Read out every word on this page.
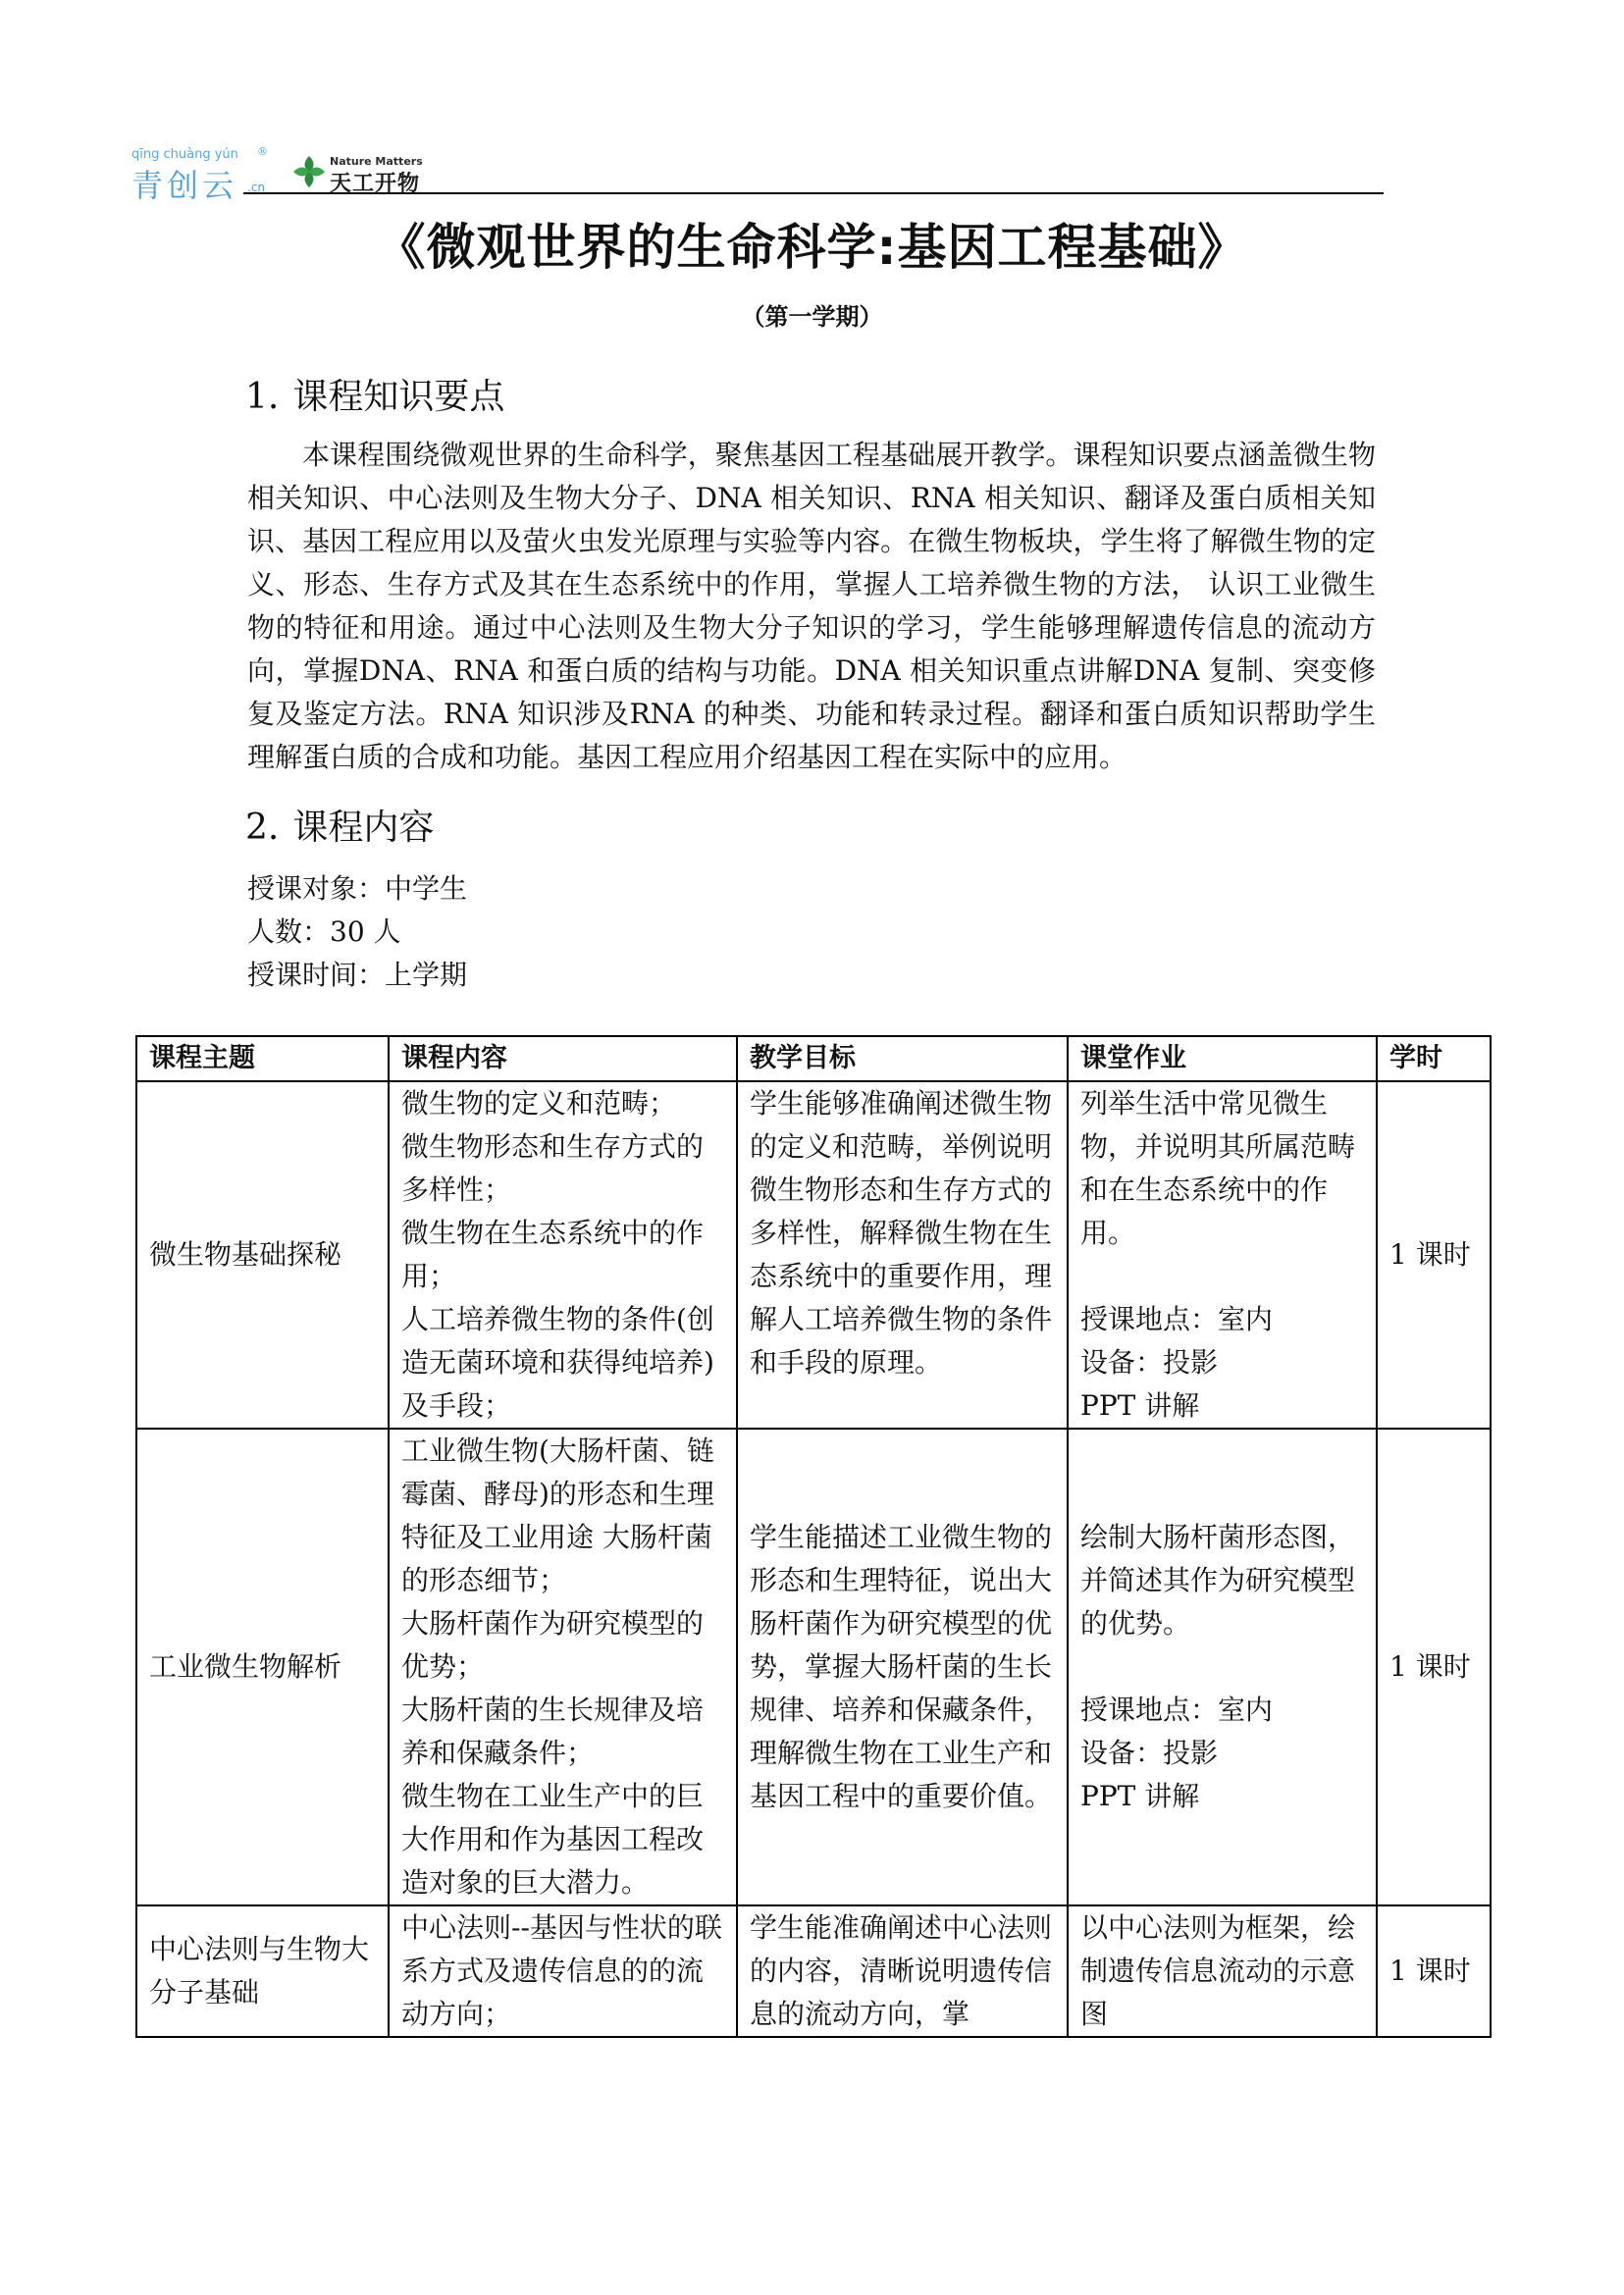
qīng chuàng yún ®
青创云 .cn
Nature Matters
天工开物
《微观世界的生命科学:基因工程基础》
（第一学期）
1. 课程知识要点
本课程围绕微观世界的生命科学，聚焦基因工程基础展开教学。课程知识要点涵盖微生物相关知识、中心法则及生物大分子、DNA 相关知识、RNA 相关知识、翻译及蛋白质相关知识、基因工程应用以及萤火虫发光原理与实验等内容。在微生物板块，学生将了解微生物的定义、形态、生存方式及其在生态系统中的作用，掌握人工培养微生物的方法， 认识工业微生物的特征和用途。通过中心法则及生物大分子知识的学习，学生能够理解遗传信息的流动方向，掌握DNA、RNA 和蛋白质的结构与功能。DNA 相关知识重点讲解DNA 复制、突变修复及鉴定方法。RNA 知识涉及RNA 的种类、功能和转录过程。翻译和蛋白质知识帮助学生理解蛋白质的合成和功能。基因工程应用介绍基因工程在实际中的应用。
2. 课程内容
授课对象：中学生
人数：30 人
授课时间：上学期
课程主题	课程内容	教学目标	课堂作业	学时
微生物基础探秘	微生物的定义和范畴；
微生物形态和生存方式的多样性；
微生物在生态系统中的作用；
人工培养微生物的条件(创造无菌环境和获得纯培养)及手段；	学生能够准确阐述微生物的定义和范畴，举例说明微生物形态和生存方式的多样性，解释微生物在生态系统中的重要作用，理解人工培养微生物的条件和手段的原理。	列举生活中常见微生物，并说明其所属范畴和在生态系统中的作用。

授课地点：室内
设备：投影
PPT 讲解	1 课时
工业微生物解析	工业微生物(大肠杆菌、链霉菌、酵母)的形态和生理特征及工业用途 大肠杆菌的形态细节；
大肠杆菌作为研究模型的优势；
大肠杆菌的生长规律及培养和保藏条件；
微生物在工业生产中的巨大作用和作为基因工程改造对象的巨大潜力。	学生能描述工业微生物的形态和生理特征，说出大肠杆菌作为研究模型的优势，掌握大肠杆菌的生长规律、培养和保藏条件，理解微生物在工业生产和基因工程中的重要价值。	绘制大肠杆菌形态图，并简述其作为研究模型的优势。

授课地点：室内
设备：投影
PPT 讲解	1 课时
中心法则与生物大分子基础	中心法则--基因与性状的联系方式及遗传信息的的流动方向；	学生能准确阐述中心法则的内容，清晰说明遗传信息的流动方向，掌	以中心法则为框架，绘制遗传信息流动的示意图	1 课时
